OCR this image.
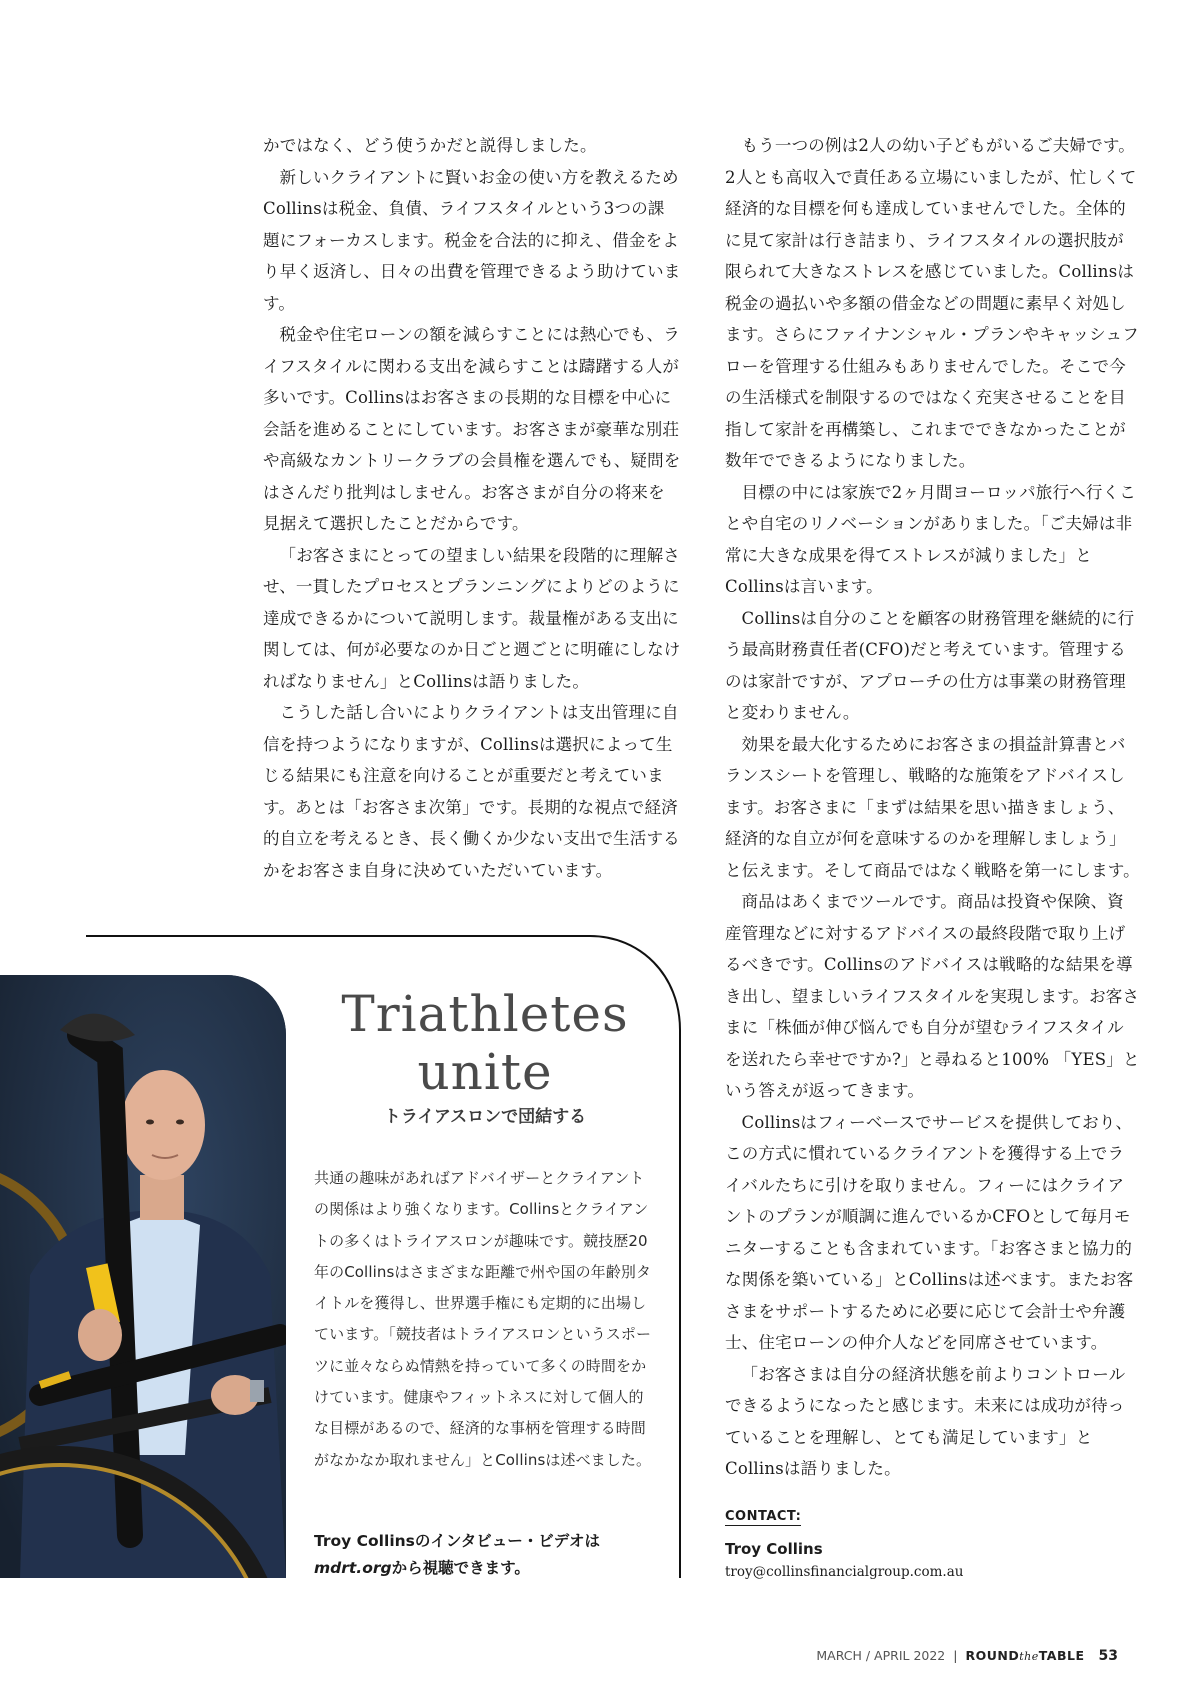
かではなく、どう使うかだと説得しました。

新しいクライアントに賢いお金の使い方を教えるためCollinsは税金、負債、ライフスタイルという3つの課題にフォーカスします。税金を合法的に抑え、借金をより早く返済し、日々の出費を管理できるよう助けています。

税金や住宅ローンの額を減らすことには熱心でも、ライフスタイルに関わる支出を減らすことは躊躇する人が多いです。Collinsはお客さまの長期的な目標を中心に会話を進めることにしています。お客さまが豪華な別荘や高級なカントリークラブの会員権を選んでも、疑問をはさんだり批判はしません。お客さまが自分の将来を見据えて選択したことだからです。

「お客さまにとっての望ましい結果を段階的に理解させ、一貫したプロセスとプランニングによりどのように達成できるかについて説明します。裁量権がある支出に関しては、何が必要なのか日ごと週ごとに明確にしなければなりません」とCollinsは語りました。

こうした話し合いによりクライアントは支出管理に自信を持つようになりますが、Collinsは選択によって生じる結果にも注意を向けることが重要だと考えています。あとは「お客さま次第」です。長期的な視点で経済的自立を考えるとき、長く働くか少ない支出で生活するかをお客さま自身に決めていただいています。

もう一つの例は2人の幼い子どもがいるご夫婦です。2人とも高収入で責任ある立場にいましたが、忙しくて経済的な目標を何も達成していませんでした。全体的に見て家計は行き詰まり、ライフスタイルの選択肢が限られて大きなストレスを感じていました。Collinsは税金の過払いや多額の借金などの問題に素早く対処します。さらにファイナンシャル・プランやキャッシュフローを管理する仕組みもありませんでした。そこで今の生活様式を制限するのではなく充実させることを目指して家計を再構築し、これまでできなかったことが数年でできるようになりました。

目標の中には家族で2ヶ月間ヨーロッパ旅行へ行くことや自宅のリノベーションがありました。「ご夫婦は非常に大きな成果を得てストレスが減りました」とCollinsは言います。

Collinsは自分のことを顧客の財務管理を継続的に行う最高財務責任者(CFO)だと考えています。管理するのは家計ですが、アプローチの仕方は事業の財務管理と変わりません。

効果を最大化するためにお客さまの損益計算書とバランスシートを管理し、戦略的な施策をアドバイスします。お客さまに「まずは結果を思い描きましょう、経済的な自立が何を意味するのかを理解しましょう」と伝えます。そして商品ではなく戦略を第一にします。

商品はあくまでツールです。商品は投資や保険、資産管理などに対するアドバイスの最終段階で取り上げるべきです。Collinsのアドバイスは戦略的な結果を導き出し、望ましいライフスタイルを実現します。お客さまに「株価が伸び悩んでも自分が望むライフスタイルを送れたら幸せですか?」と尋ねると100% 「YES」という答えが返ってきます。

Collinsはフィーベースでサービスを提供しており、この方式に慣れているクライアントを獲得する上でライバルたちに引けを取りません。フィーにはクライアントのプランが順調に進んでいるかCFOとして毎月モニターすることも含まれています。「お客さまと協力的な関係を築いている」とCollinsは述べます。またお客さまをサポートするために必要に応じて会計士や弁護士、住宅ローンの仲介人などを同席させています。

「お客さまは自分の経済状態を前よりコントロールできるようになったと感じます。未来には成功が待っていることを理解し、とても満足しています」とCollinsは語りました。

CONTACT:
Troy Collins
troy@collinsfinancialgroup.com.au
Triathletes
unite
トライアスロンで団結する
共通の趣味があればアドバイザーとクライアントの関係はより強くなります。Collinsとクライアントの多くはトライアスロンが趣味です。競技歴20年のCollinsはさまざまな距離で州や国の年齢別タイトルを獲得し、世界選手権にも定期的に出場しています。「競技者はトライアスロンというスポーツに並々ならぬ情熱を持っていて多くの時間をかけています。健康やフィットネスに対して個人的な目標があるので、経済的な事柄を管理する時間がなかなか取れません」とCollinsは述べました。
Troy Collinsのインタビュー・ビデオは
mdrt.orgから視聴できます。
MARCH / APRIL 2022 | ROUNDtheTABLE 53
